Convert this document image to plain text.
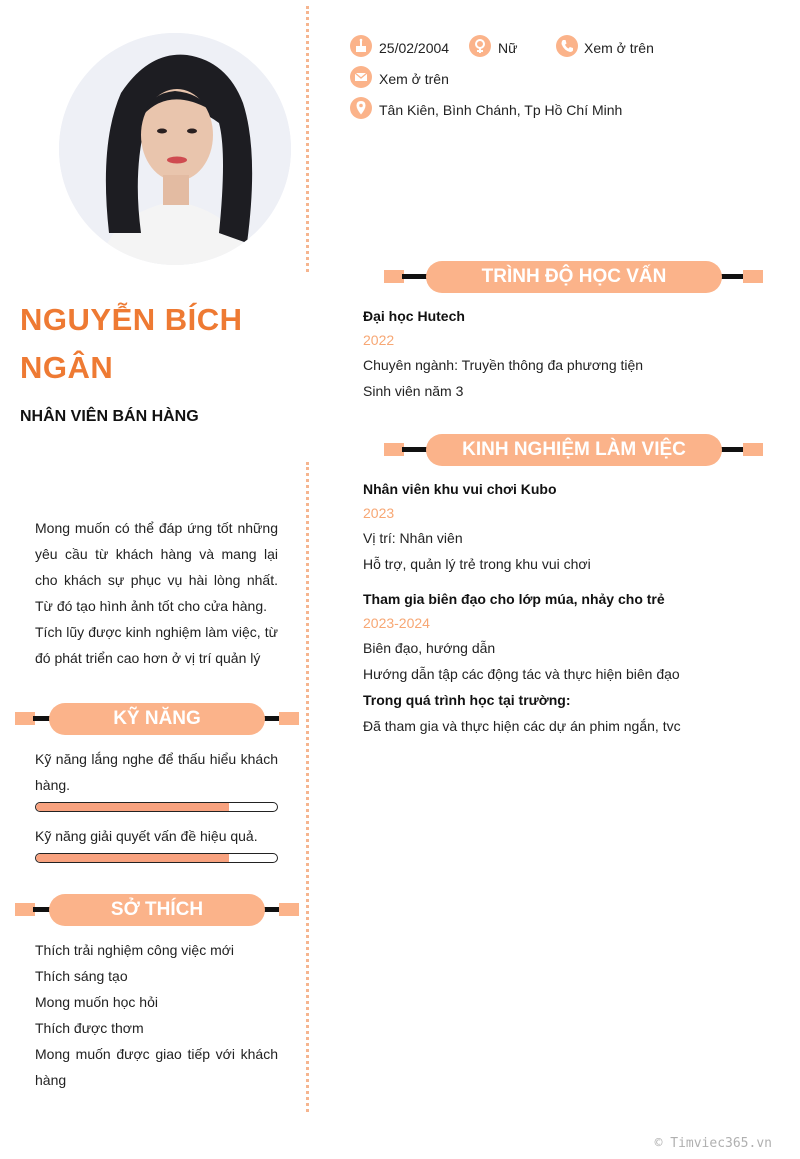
NGUYỄN BÍCH NGÂN
NHÂN VIÊN BÁN HÀNG

Mong muốn có thể đáp ứng tốt những yêu cầu từ khách hàng và mang lại cho khách sự phục vụ hài lòng nhất. Từ đó tạo hình ảnh tốt cho cửa hàng.

Tích lũy được kinh nghiệm làm việc, từ đó phát triển cao hơn ở vị trí quản lý

KỸ NĂNG

Kỹ năng lắng nghe để thấu hiểu khách hàng.

Kỹ năng giải quyết vấn đề hiệu quả.

SỞ THÍCH

Thích trải nghiệm công việc mới

Thích sáng tạo

Mong muốn học hỏi

Thích được thơm

Mong muốn được giao tiếp với khách hàng

25/02/2004	Nữ	Xem ở trên
Xem ở trên
Tân Kiên, Bình Chánh, Tp Hồ Chí Minh
TRÌNH ĐỘ HỌC VẤN
Đại học Hutech
2022
Chuyên ngành: Truyền thông đa phương tiện
Sinh viên năm 3
KINH NGHIỆM LÀM VIỆC
Nhân viên khu vui chơi Kubo
2023
Vị trí: Nhân viên
Hỗ trợ, quản lý trẻ trong khu vui chơi
Tham gia biên đạo cho lớp múa, nhảy cho trẻ
2023-2024
Biên đạo, hướng dẫn
Hướng dẫn tập các động tác và thực hiện biên đạo
Trong quá trình học tại trường:
Đã tham gia và thực hiện các dự án phim ngắn, tvc
© Timviec365.vn
